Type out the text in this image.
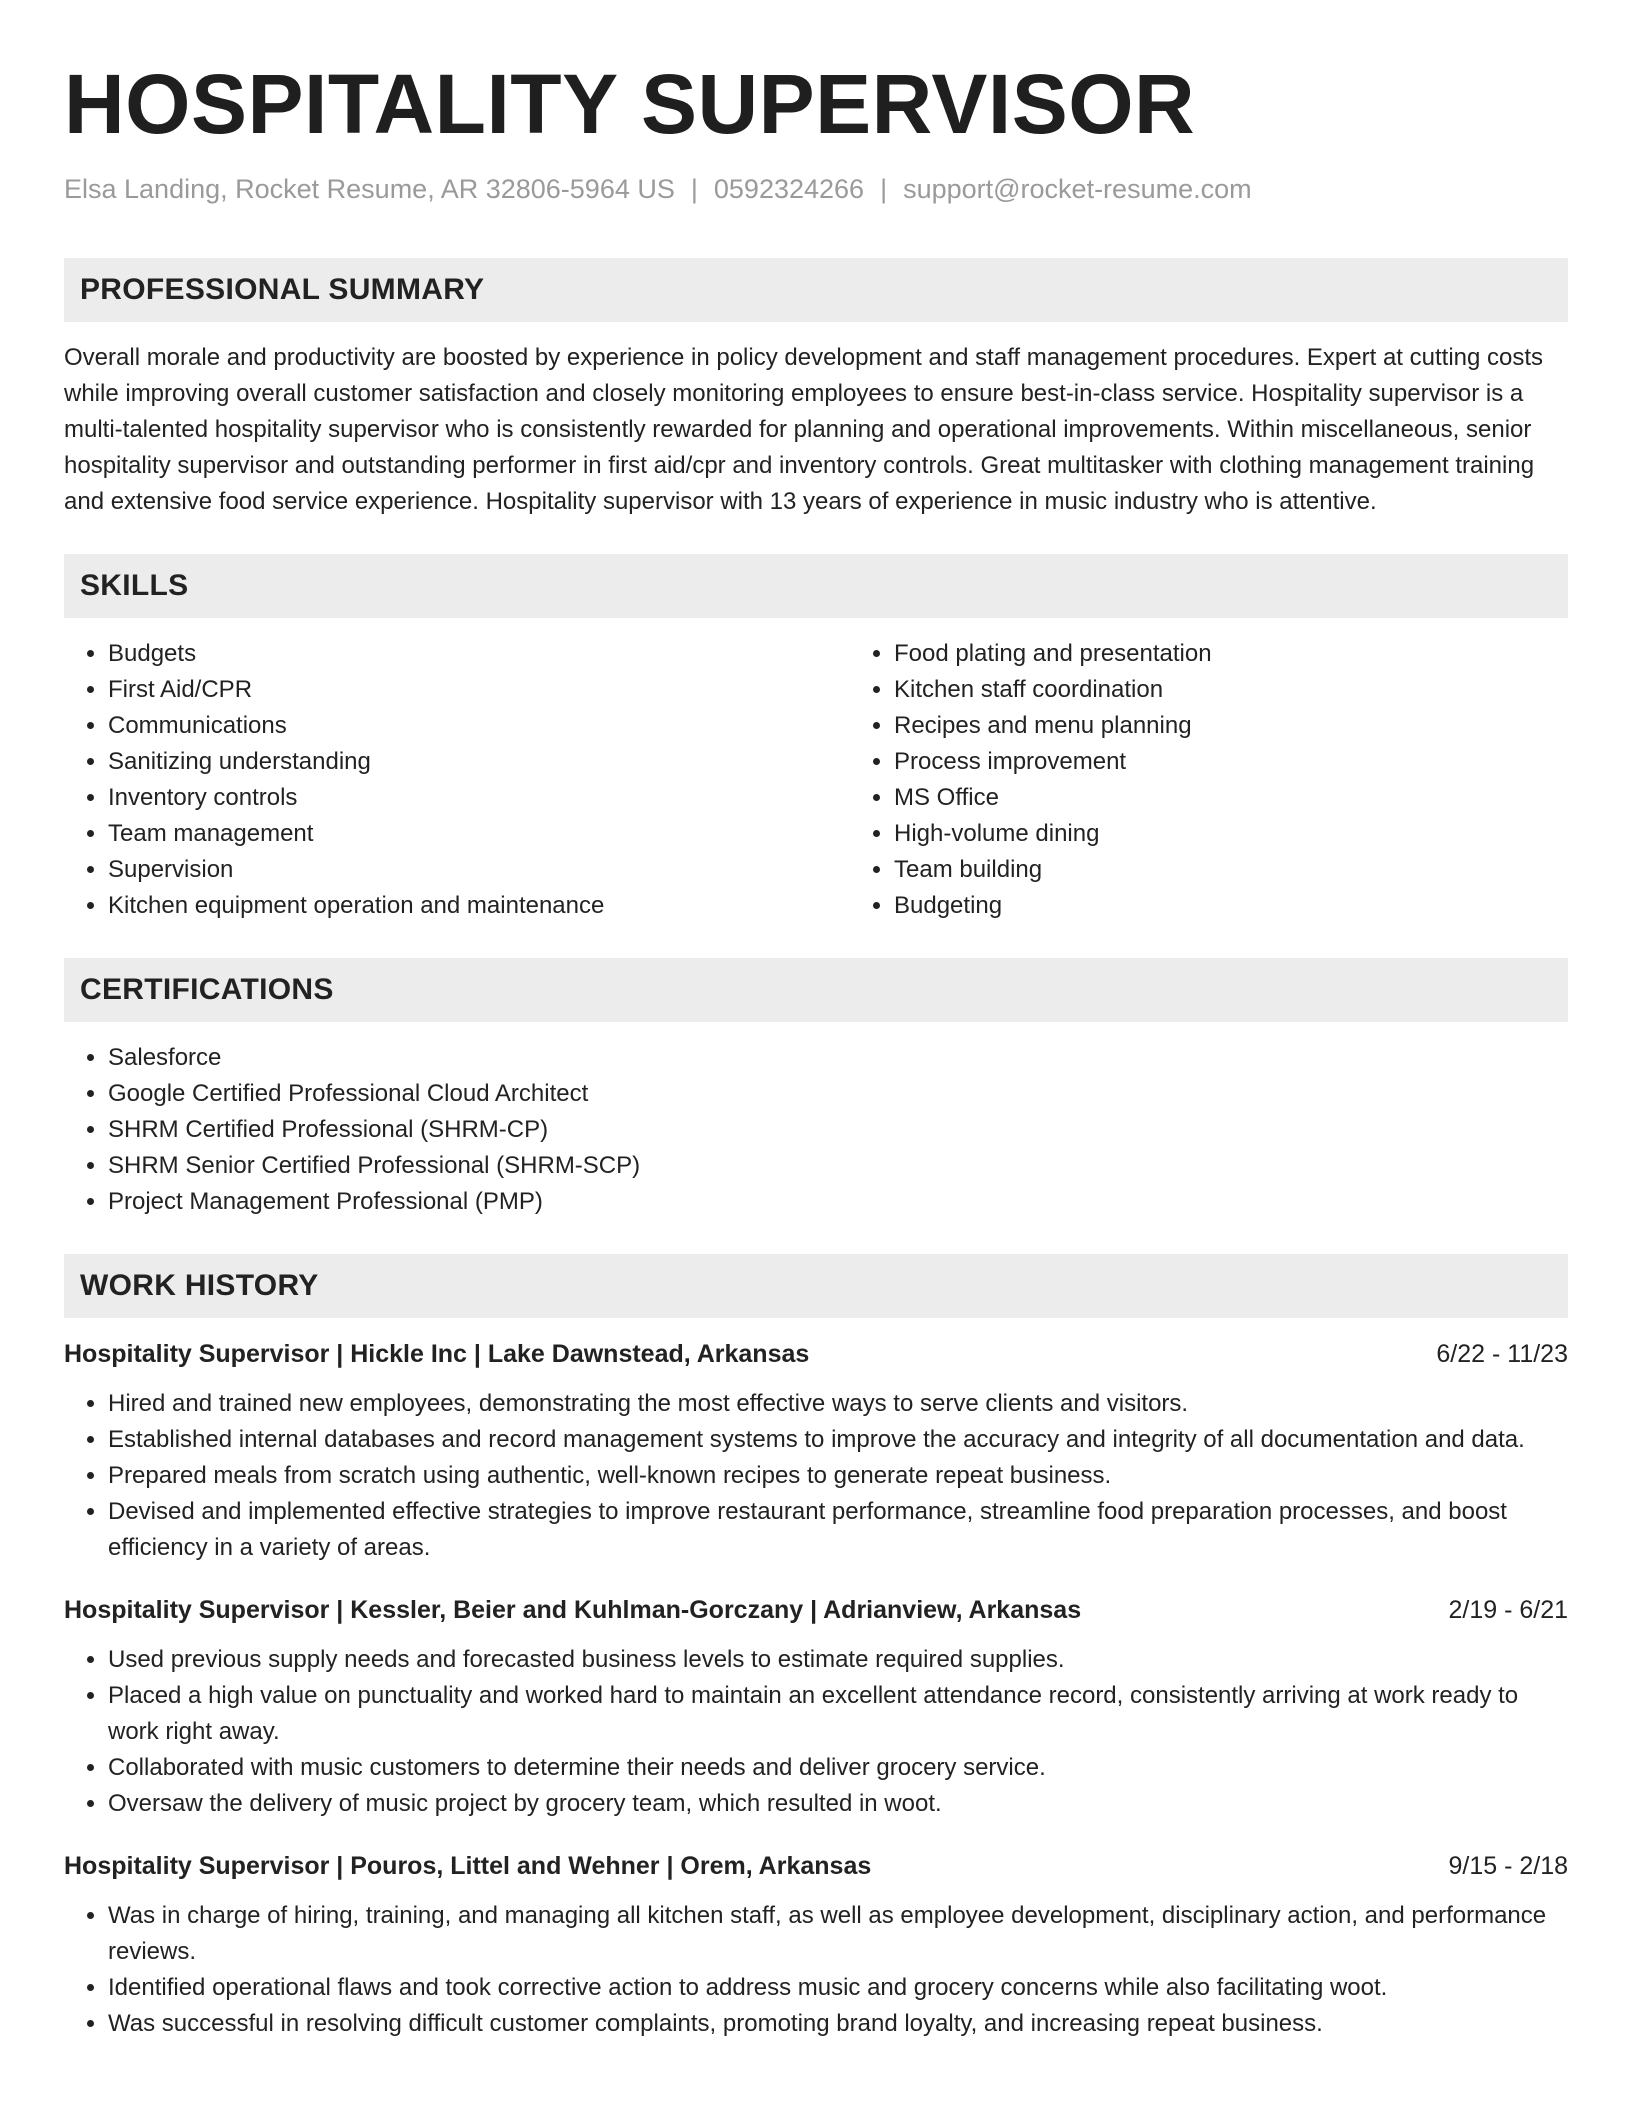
HOSPITALITY SUPERVISOR
Elsa Landing, Rocket Resume, AR 32806-5964 US | 0592324266 | support@rocket-resume.com
PROFESSIONAL SUMMARY

Overall morale and productivity are boosted by experience in policy development and staff management procedures. Expert at cutting costs while improving overall customer satisfaction and closely monitoring employees to ensure best-in-class service. Hospitality supervisor is a multi-talented hospitality supervisor who is consistently rewarded for planning and operational improvements. Within miscellaneous, senior hospitality supervisor and outstanding performer in first aid/cpr and inventory controls. Great multitasker with clothing management training and extensive food service experience. Hospitality supervisor with 13 years of experience in music industry who is attentive.

SKILLS
• Budgets
• First Aid/CPR
• Communications
• Sanitizing understanding
• Inventory controls
• Team management
• Supervision
• Kitchen equipment operation and maintenance
• Food plating and presentation
• Kitchen staff coordination
• Recipes and menu planning
• Process improvement
• MS Office
• High-volume dining
• Team building
• Budgeting
CERTIFICATIONS
• Salesforce
• Google Certified Professional Cloud Architect
• SHRM Certified Professional (SHRM-CP)
• SHRM Senior Certified Professional (SHRM-SCP)
• Project Management Professional (PMP)
WORK HISTORY
Hospitality Supervisor | Hickle Inc | Lake Dawnstead, Arkansas	6/22 - 11/23
• Hired and trained new employees, demonstrating the most effective ways to serve clients and visitors.
• Established internal databases and record management systems to improve the accuracy and integrity of all documentation and data.
• Prepared meals from scratch using authentic, well-known recipes to generate repeat business.
• Devised and implemented effective strategies to improve restaurant performance, streamline food preparation processes, and boost efficiency in a variety of areas.
Hospitality Supervisor | Kessler, Beier and Kuhlman-Gorczany | Adrianview, Arkansas	2/19 - 6/21
• Used previous supply needs and forecasted business levels to estimate required supplies.
• Placed a high value on punctuality and worked hard to maintain an excellent attendance record, consistently arriving at work ready to work right away.
• Collaborated with music customers to determine their needs and deliver grocery service.
• Oversaw the delivery of music project by grocery team, which resulted in woot.
Hospitality Supervisor | Pouros, Littel and Wehner | Orem, Arkansas	9/15 - 2/18
• Was in charge of hiring, training, and managing all kitchen staff, as well as employee development, disciplinary action, and performance reviews.
• Identified operational flaws and took corrective action to address music and grocery concerns while also facilitating woot.
• Was successful in resolving difficult customer complaints, promoting brand loyalty, and increasing repeat business.
